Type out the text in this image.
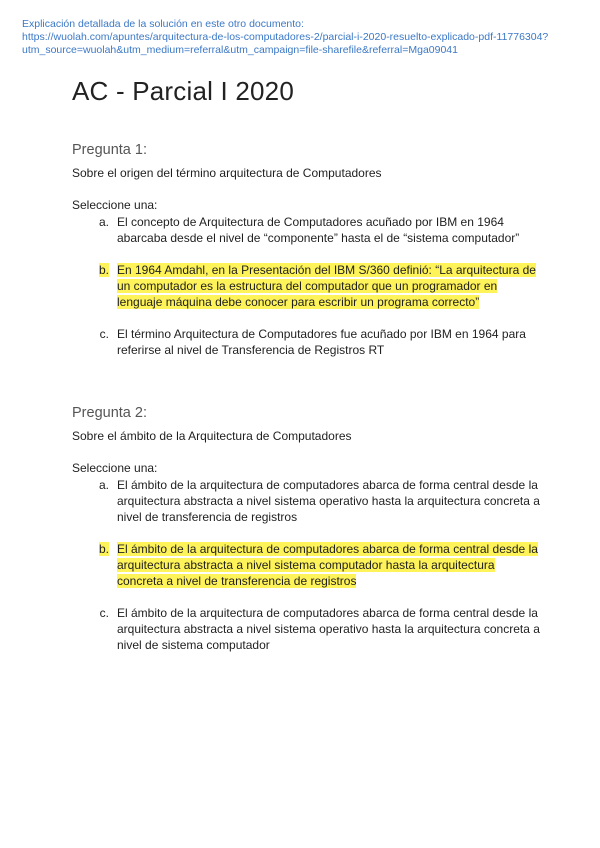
Explicación detallada de la solución en este otro documento:
https://wuolah.com/apuntes/arquitectura-de-los-computadores-2/parcial-i-2020-resuelto-explicado-pdf-11776304?
utm_source=wuolah&utm_medium=referral&utm_campaign=file-sharefile&referral=Mga09041
AC - Parcial I 2020
Pregunta 1:
Sobre el origen del término arquitectura de Computadores
Seleccione una:
a. El concepto de Arquitectura de Computadores acuñado por IBM en 1964 abarcaba desde el nivel de “componente” hasta el de “sistema computador”
b. En 1964 Amdahl, en la Presentación del IBM S/360 definió: “La arquitectura de un computador es la estructura del computador que un programador en lenguaje máquina debe conocer para escribir un programa correcto”
c. El término Arquitectura de Computadores fue acuñado por IBM en 1964 para referirse al nivel de Transferencia de Registros RT
Pregunta 2:
Sobre el ámbito de la Arquitectura de Computadores
Seleccione una:
a. El ámbito de la arquitectura de computadores abarca de forma central desde la arquitectura abstracta a nivel sistema operativo hasta la arquitectura concreta a nivel de transferencia de registros
b. El ámbito de la arquitectura de computadores abarca de forma central desde la arquitectura abstracta a nivel sistema computador hasta la arquitectura concreta a nivel de transferencia de registros
c. El ámbito de la arquitectura de computadores abarca de forma central desde la arquitectura abstracta a nivel sistema operativo hasta la arquitectura concreta a nivel de sistema computador
